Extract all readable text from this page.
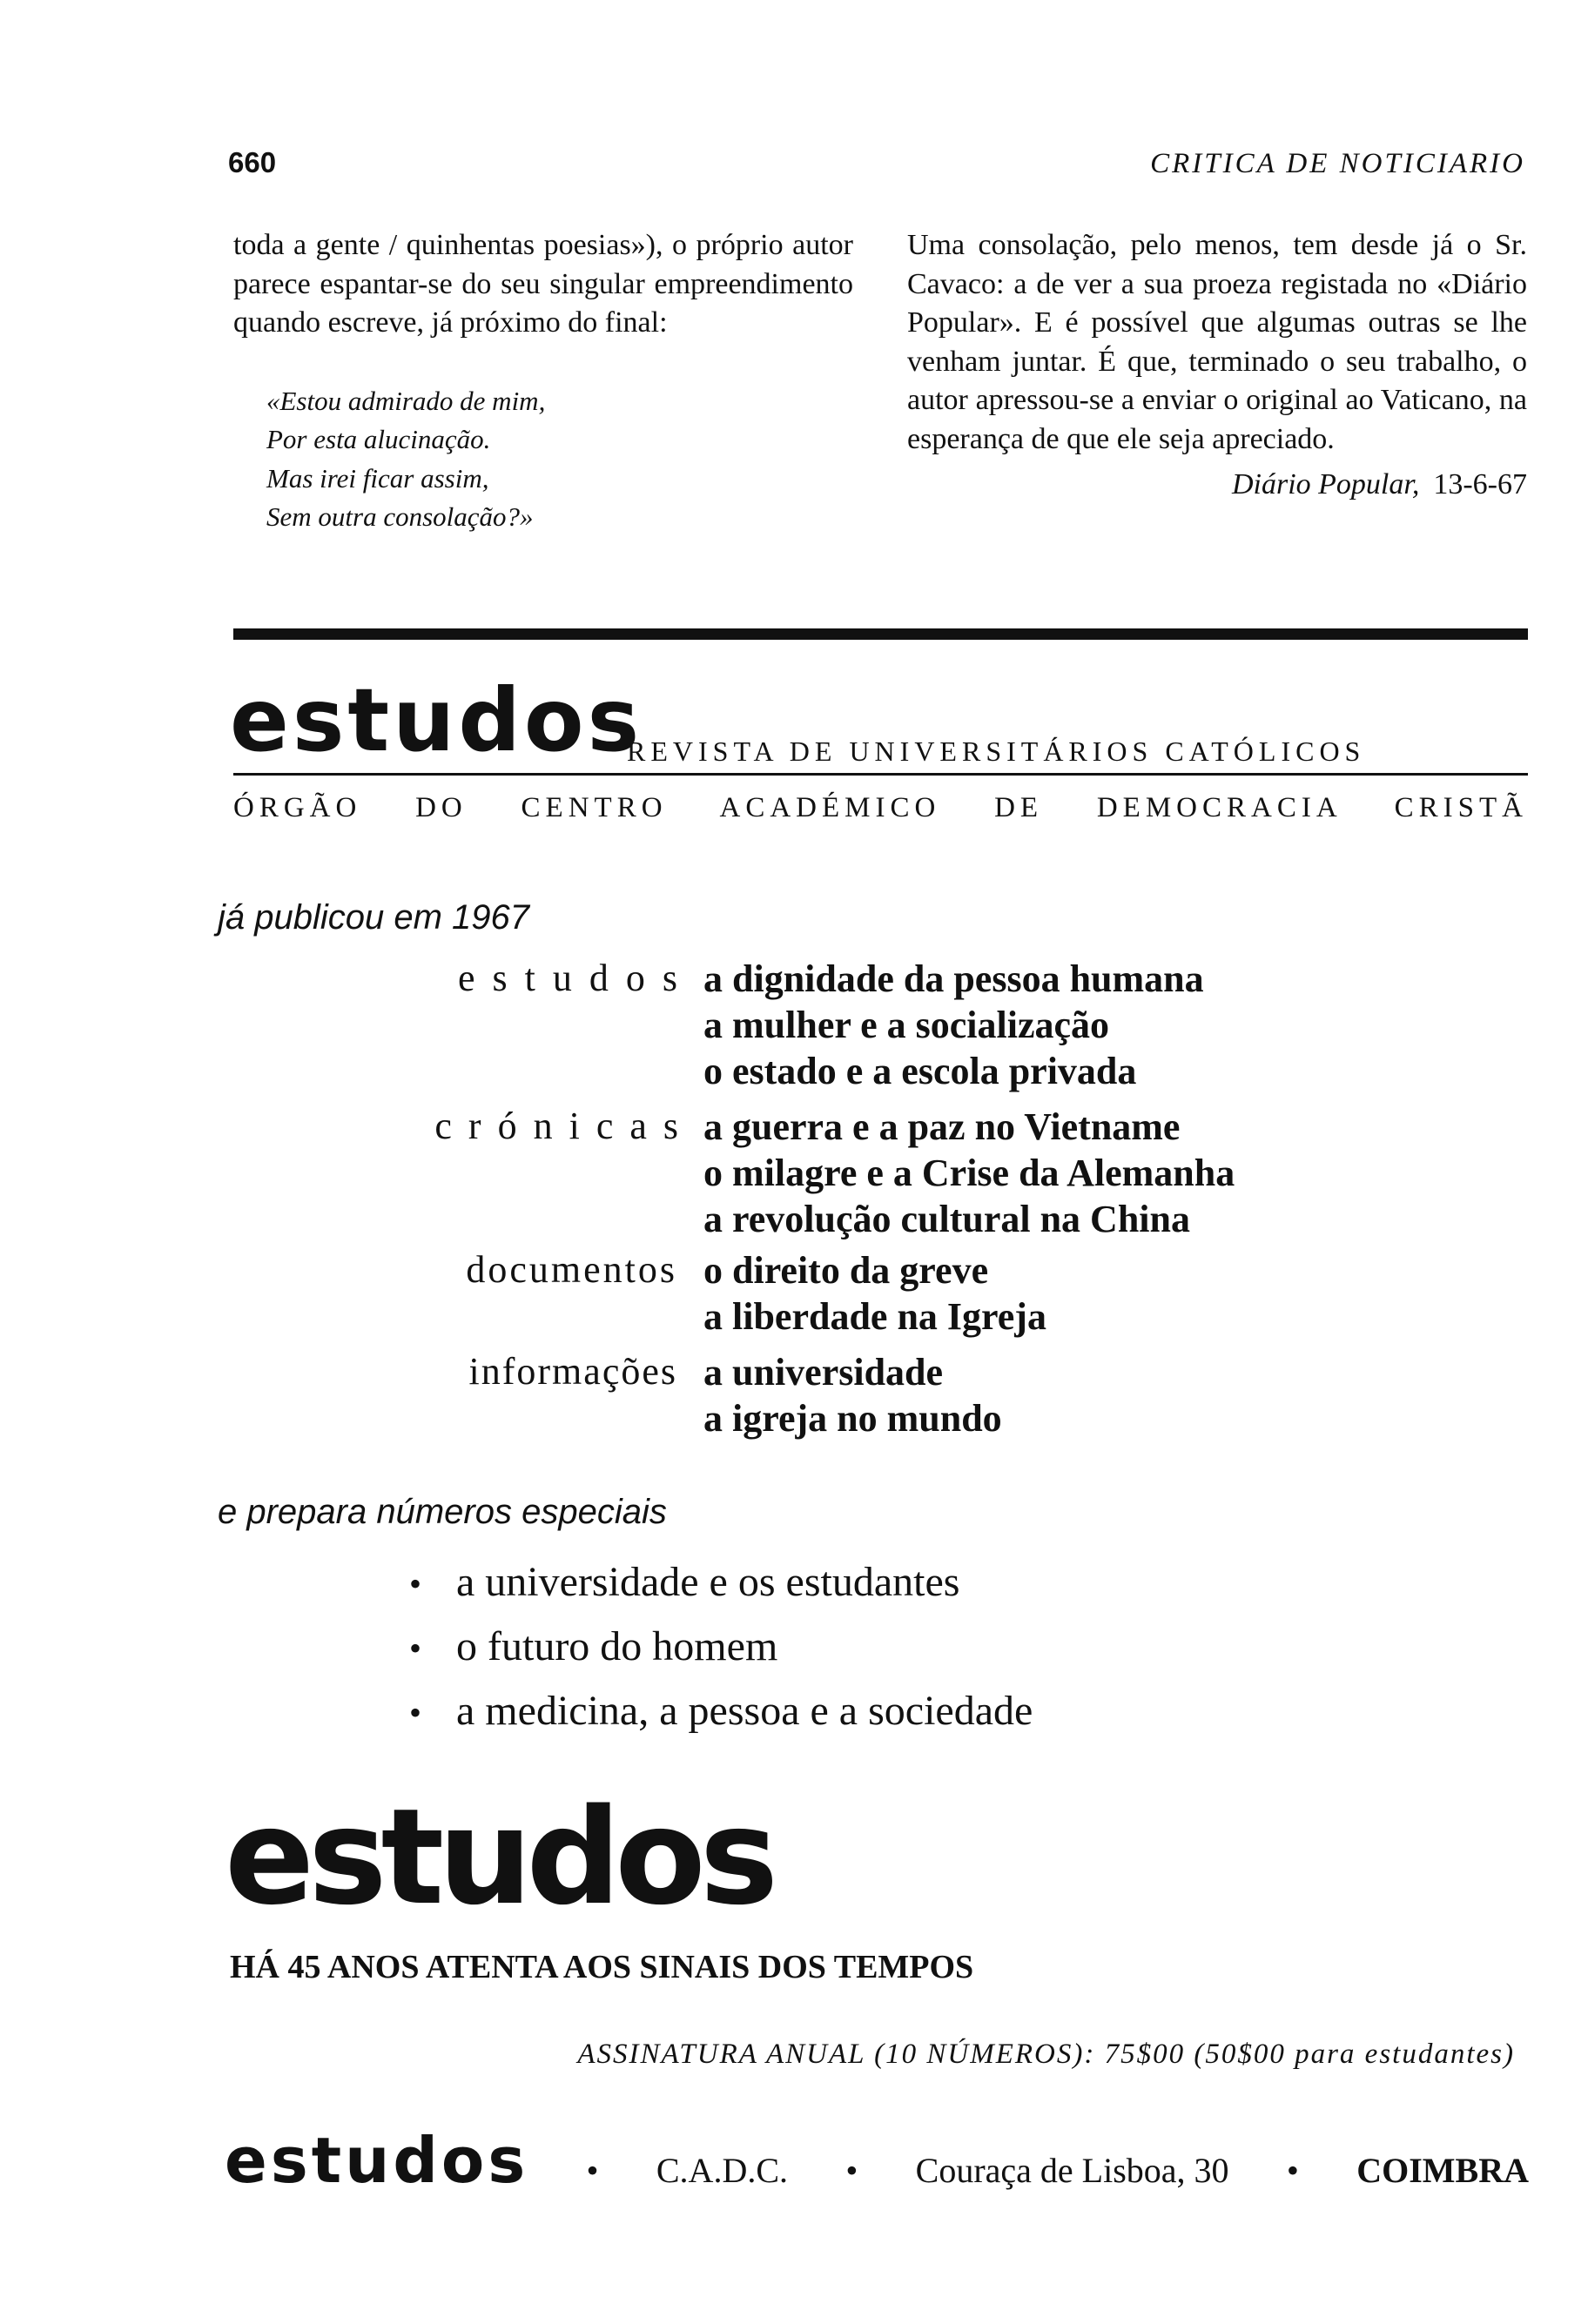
660	CRITICA DE NOTICIARIO

toda a gente / quinhentas poesias»), o próprio autor parece espantar-se do seu singular empreendimento quando escreve, já próximo do final:

«Estou admirado de mim,
Por esta alucinação.
Mas irei ficar assim,
Sem outra consolação?»

Uma consolação, pelo menos, tem desde já o Sr. Cavaco: a de ver a sua proeza registada no «Diário Popular». E é possível que algumas outras se lhe venham juntar. É que, terminado o seu trabalho, o autor apressou-se a enviar o original ao Vaticano, na esperança de que ele seja apreciado.

Diário Popular, 13-6-67
estudos
REVISTA DE UNIVERSITÁRIOS CATÓLICOS
ÓRGÃO DO CENTRO ACADÉMICO DE DEMOCRACIA CRISTÃ
já publicou em 1967
estudos a dignidade da pessoa humana
a mulher e a socialização
o estado e a escola privada
crónicas a guerra e a paz no Vietname
o milagre e a Crise da Alemanha
a revolução cultural na China
documentos o direito da greve
a liberdade na Igreja
informações a universidade
a igreja no mundo
e prepara números especiais
• a universidade e os estudantes
• o futuro do homem
• a medicina, a pessoa e a sociedade
estudos
HÁ 45 ANOS ATENTA AOS SINAIS DOS TEMPOS
ASSINATURA ANUAL (10 NÚMEROS): 75$00 (50$00 para estudantes)
estudos • C.A.D.C. • Couraça de Lisboa, 30 • COIMBRA
